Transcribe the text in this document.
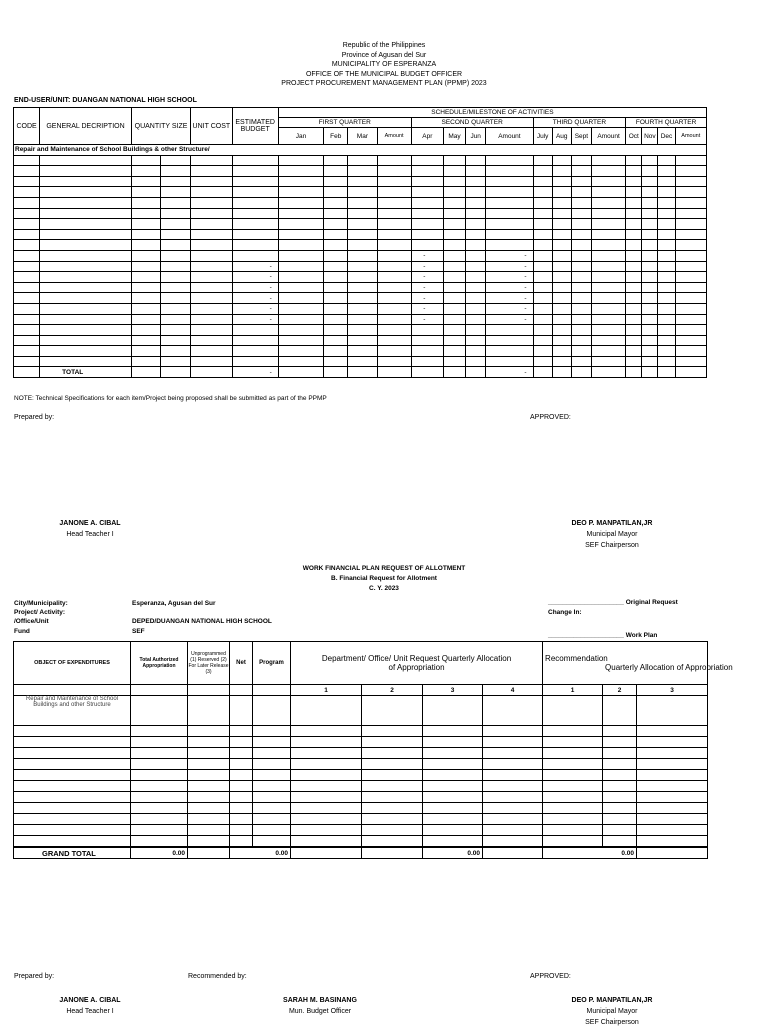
Republic of the Philippines
Province of Agusan del Sur
MUNICIPALITY OF ESPERANZA
OFFICE OF THE MUNICIPAL BUDGET OFFICER
PROJECT PROCUREMENT MANAGEMENT PLAN (PPMP) 2023
END-USER/UNIT: DUANGAN NATIONAL HIGH SCHOOL
CODE	GENERAL DECRIPTION	QUANTITY SIZE		UNIT COST	ESTIMATED BUDGET	SCHEDULE/MILESTONE OF ACTIVITIES															
						FIRST QUARTER				SECOND QUARTER				THIRD QUARTER				FOURTH QUARTER			
						Jan	Feb	Mar	Amount	Apr	May	Jun	Amount	July	Aug	Sept	Amount	Oct	Nov	Dec	Amount
Repair and Maintenance of School Buildings & other Structure/																					

										-			-								
					-					-			-								
					-					-			-								
					-					-			-								
					-					-			-								
					-					-			-								
					-					-			-								

	TOTAL				-								-								
NOTE: Technical Specifications for each item/Project being proposed shall be submitted as part of the PPMP
Prepared by:	APPROVED:
JANONE A. CIBAL
Head Teacher I
DEO P. MANPATILAN,JR
Municipal Mayor
SEF Chairperson
WORK FINANCIAL PLAN REQUEST OF ALLOTMENT
B. Financial Request for Allotment
C. Y. 2023
City/Municipality:
Project/ Activity:
/Office/Unit
Fund
Esperanza, Agusan del Sur
DEPED/DUANGAN NATIONAL HIGH SCHOOL
SEF
_____________________ Original Request
Change In:
_____________________ Work Plan
OBJECT OF EXPENDITURES	Total Authorized Appropriation	Unprogrammed (1) Reserved (2) For Later Release (3)	Net	Program	Department/ Office/ Unit Request Quarterly Allocation of Appropriation				Recommendation
Quarterly Allocation of Appropriation		

					1	2	3	4	1	2	3
Repair and Maintenance of School Buildings and other Structure											

GRAND TOTAL	0.00		0.00				0.00		0.00		
Prepared by:	Recommended by:	APPROVED:
JANONE A. CIBAL
Head Teacher I
SARAH M. BASINANG
Mun. Budget Officer
DEO P. MANPATILAN,JR
Municipal Mayor
SEF Chairperson
